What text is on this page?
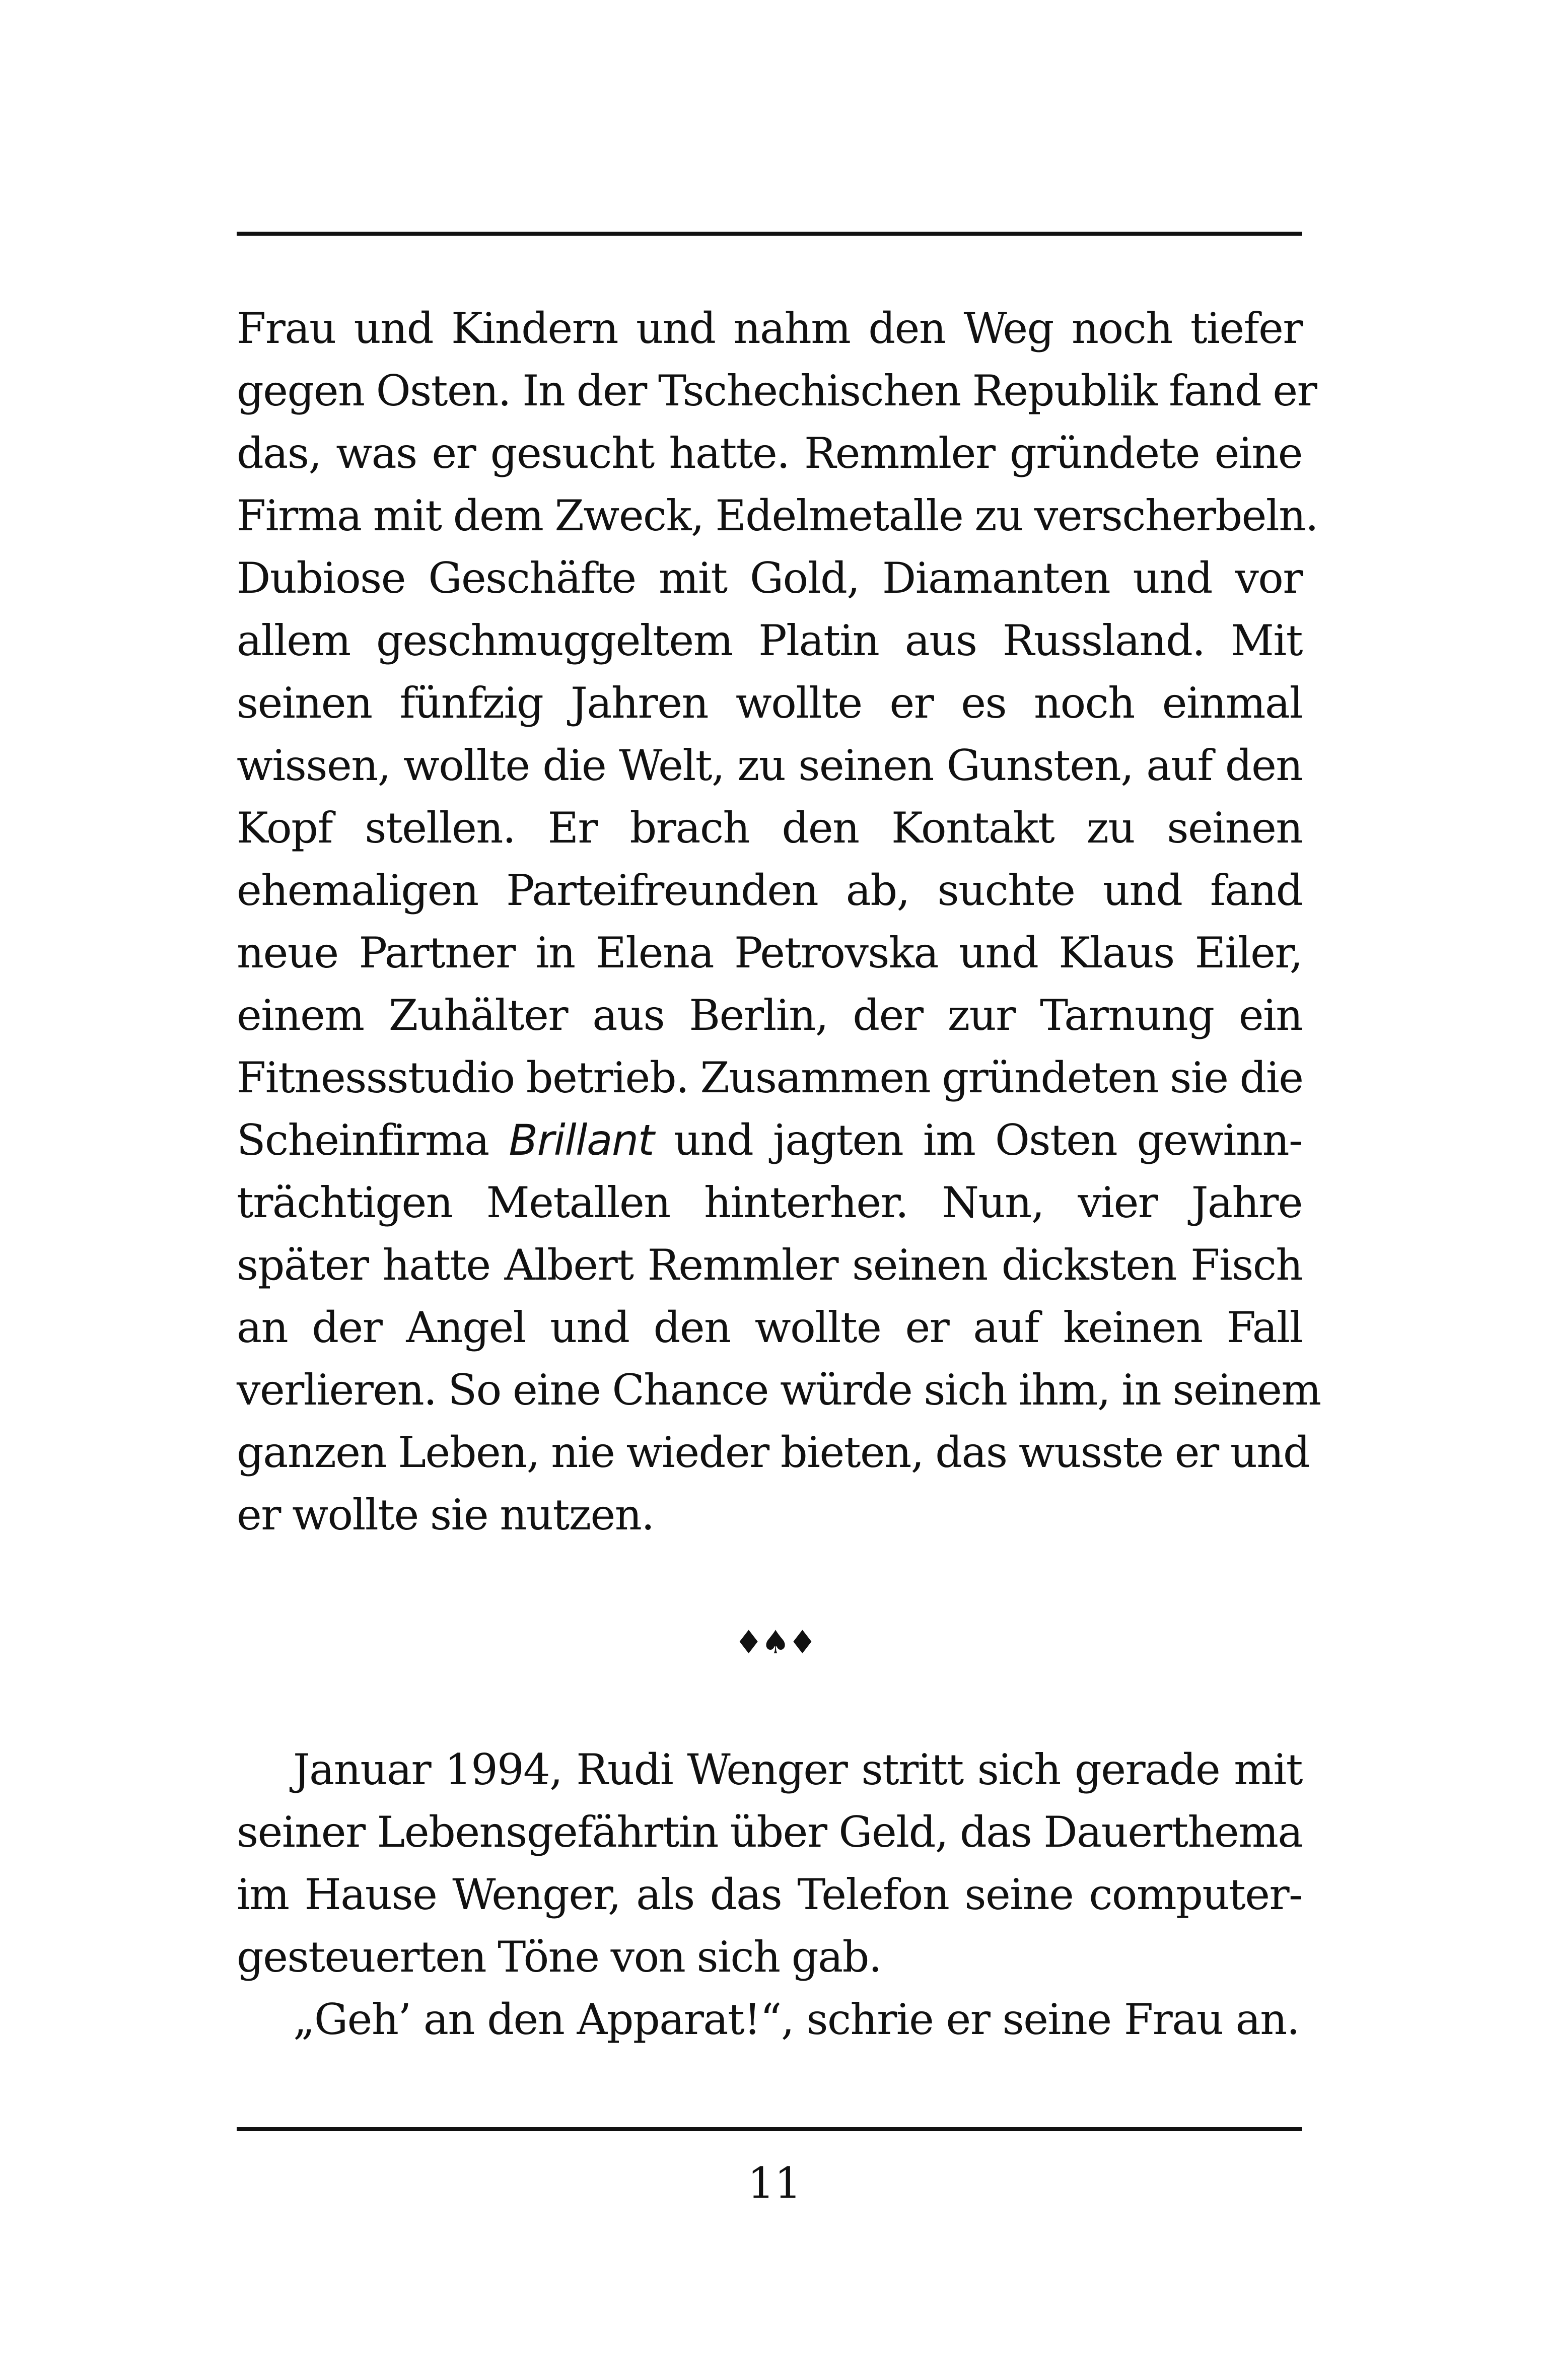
Frau und Kindern und nahm den Weg noch tiefer
gegen Osten. In der Tschechischen Republik fand er
das, was er gesucht hatte. Remmler gründete eine
Firma mit dem Zweck, Edelmetalle zu verscherbeln.
Dubiose Geschäfte mit Gold, Diamanten und vor
allem geschmuggeltem Platin aus Russland. Mit
seinen fünfzig Jahren wollte er es noch einmal
wissen, wollte die Welt, zu seinen Gunsten, auf den
Kopf stellen. Er brach den Kontakt zu seinen
ehemaligen Parteifreunden ab, suchte und fand
neue Partner in Elena Petrovska und Klaus Eiler,
einem Zuhälter aus Berlin, der zur Tarnung ein
Fitnessstudio betrieb. Zusammen gründeten sie die
Scheinfirma Brillant und jagten im Osten gewinn-
trächtigen Metallen hinterher. Nun, vier Jahre
später hatte Albert Remmler seinen dicksten Fisch
an der Angel und den wollte er auf keinen Fall
verlieren. So eine Chance würde sich ihm, in seinem
ganzen Leben, nie wieder bieten, das wusste er und
er wollte sie nutzen.
♦♠♦
Januar 1994, Rudi Wenger stritt sich gerade mit
seiner Lebensgefährtin über Geld, das Dauerthema
im Hause Wenger, als das Telefon seine computer-
gesteuerten Töne von sich gab.
„Geh’ an den Apparat!“, schrie er seine Frau an.
11
